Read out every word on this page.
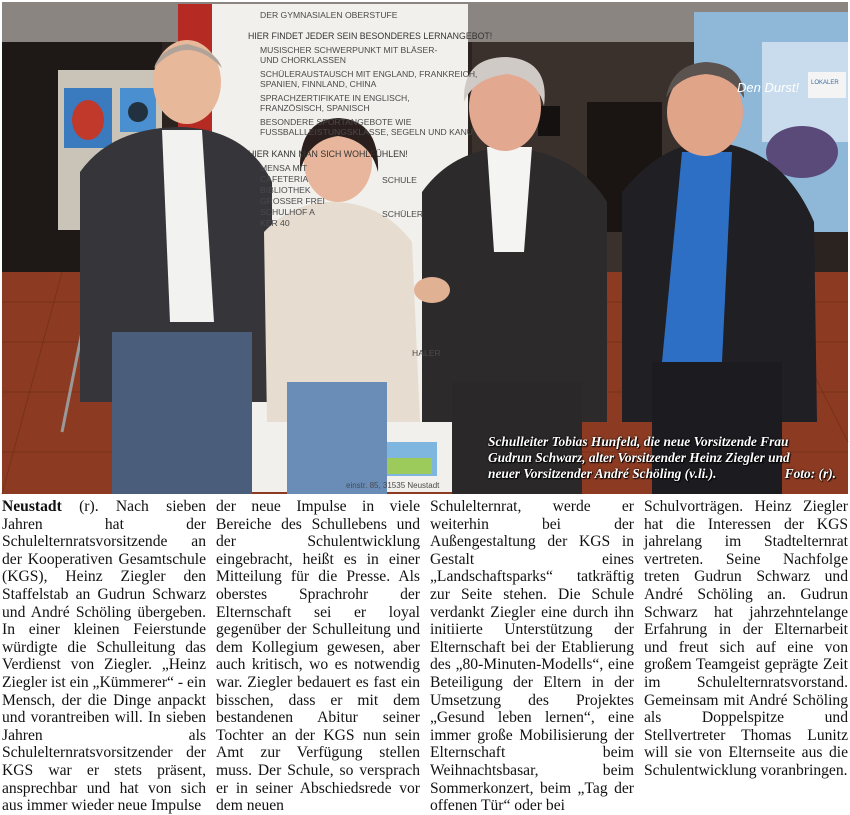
DER GYMNASIALEN OBERSTUFE
HIER FINDET JEDER SEIN BESONDERES LERNANGEBOT!
MUSISCHER SCHWERPUNKT MIT BLÄSER-
UND CHORKLASSEN
SCHÜLERAUSTAUSCH MIT ENGLAND, FRANKREICH,
SPANIEN, FINNLAND, CHINA
SPRACHZERTIFIKATE IN ENGLISCH,
FRANZÖSISCH, SPANISCH
BESONDERE SPORTANGEBOTE WIE
FUSSBALLLEISTUNGSKLASSE, SEGELN UND KANU
HIER KANN MAN SICH WOHLFÜHLEN!
MENSA MIT
CAFETERIA
BIBLIOTHEK
GROSSER FREI
SCHULHOF A
KER 40
SCHÜLER
SCHULE
HALER
einstr. 85, 31535 Neustadt
Den Durst! LOKALER
Schulleiter Tobias Hunfeld, die neue Vorsitzende Frau
Gudrun Schwarz, alter Vorsitzender Heinz Ziegler und
neuer Vorsitzender André Schöling (v.li.).	Foto: (r).

Neustadt (r). Nach sieben Jahren hat der Schulelternratsvorsitzende an der Kooperativen Gesamtschule (KGS), Heinz Ziegler den Staffelstab an Gudrun Schwarz und André Schöling übergeben. In einer kleinen Feierstunde würdigte die Schulleitung das Verdienst von Ziegler. „Heinz Ziegler ist ein „Kümmerer“ - ein Mensch, der die Dinge anpackt und vorantreiben will. In sieben Jahren als Schulelternratsvorsitzender der KGS war er stets präsent, ansprechbar und hat von sich aus immer wieder neue Impulse

der neue Impulse in viele Bereiche des Schullebens und der Schulentwicklung eingebracht, heißt es in einer Mitteilung für die Presse. Als oberstes Sprachrohr der Elternschaft sei er loyal gegenüber der Schulleitung und dem Kollegium gewesen, aber auch kritisch, wo es notwendig war. Ziegler bedauert es fast ein bisschen, dass er mit dem bestandenen Abitur seiner Tochter an der KGS nun sein Amt zur Verfügung stellen muss. Der Schule, so versprach er in seiner Abschiedsrede vor dem neuen

Schulelternrat, werde er weiterhin bei der Außengestaltung der KGS in Gestalt eines „Landschaftsparks“ tatkräftig zur Seite stehen. Die Schule verdankt Ziegler eine durch ihn initiierte Unterstützung der Elternschaft bei der Etablierung des „80-Minuten-Modells“, eine Beteiligung der Eltern in der Umsetzung des Projektes „Gesund leben lernen“, eine immer große Mobilisierung der Elternschaft beim Weihnachtsbasar, beim Sommerkonzert, beim „Tag der offenen Tür“ oder bei

Schulvorträgen. Heinz Ziegler hat die Interessen der KGS jahrelang im Stadtelternrat vertreten. Seine Nachfolge treten Gudrun Schwarz und André Schöling an. Gudrun Schwarz hat jahrzehntelange Erfahrung in der Elternarbeit und freut sich auf eine von großem Teamgeist geprägte Zeit im Schulelternratsvorstand. Gemeinsam mit André Schöling als Doppelspitze und Stellvertreter Thomas Lunitz will sie von Elternseite aus die Schulentwicklung voranbringen.
